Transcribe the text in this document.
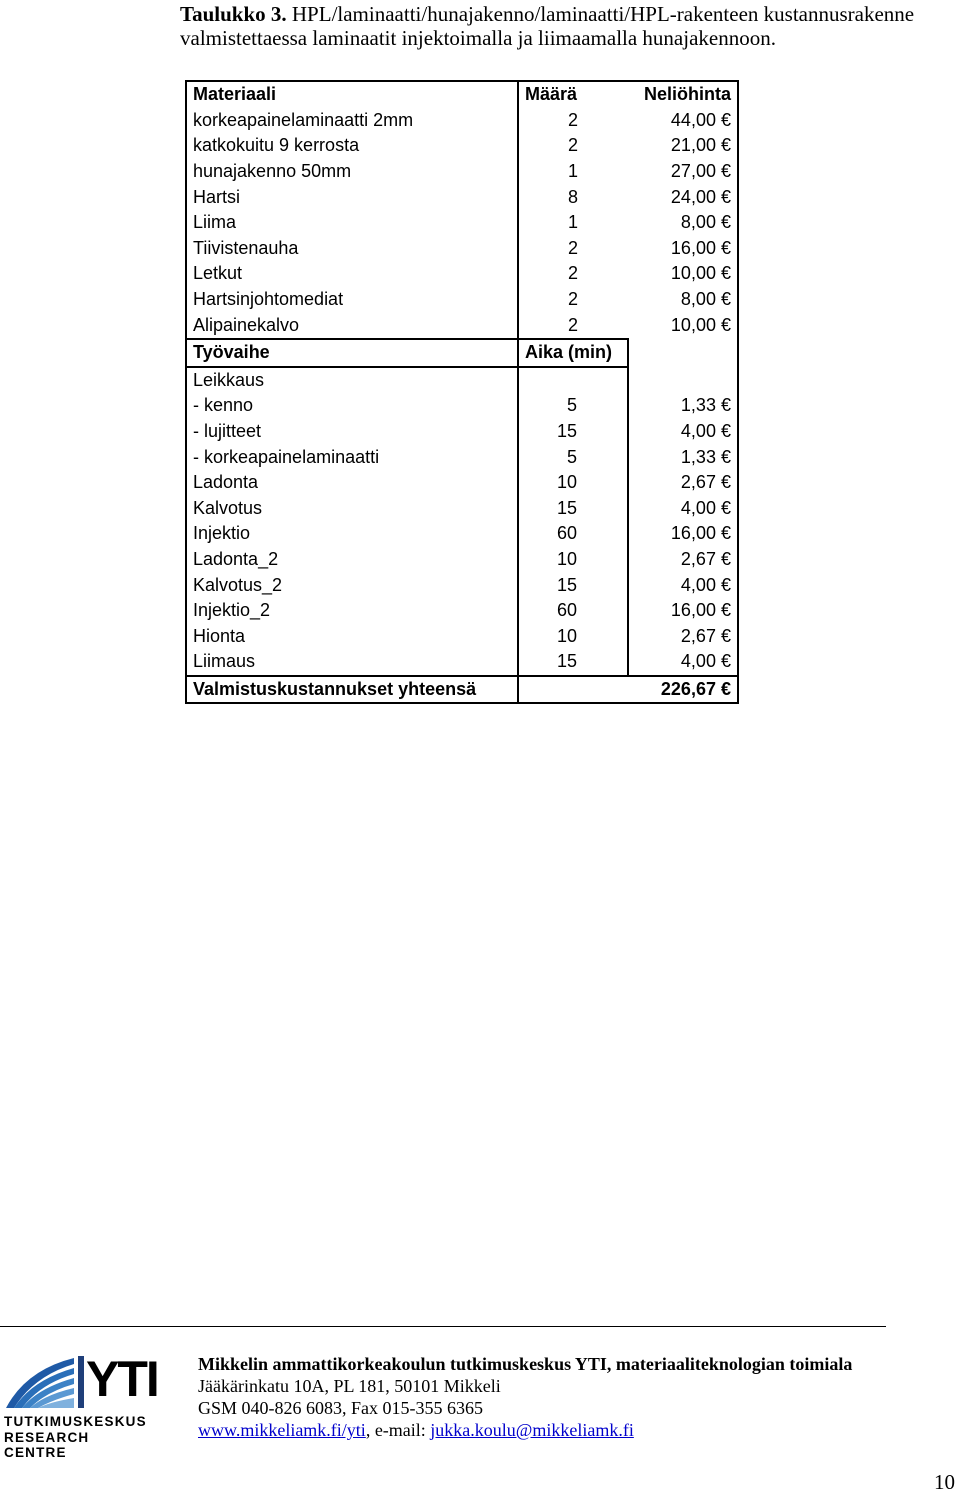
Taulukko 3. HPL/laminaatti/hunajakenno/laminaatti/HPL-rakenteen kustannusrakenne valmistettaessa laminaatit injektoimalla ja liimaamalla hunajakennoon.
Materiaali	Määrä	Neliöhinta
korkeapainelaminaatti 2mm	2	44,00 €
katkokuitu 9 kerrosta	2	21,00 €
hunajakenno 50mm	1	27,00 €
Hartsi	8	24,00 €
Liima	1	8,00 €
Tiivistenauha	2	16,00 €
Letkut	2	10,00 €
Hartsinjohtomediat	2	8,00 €
Alipainekalvo	2	10,00 €
Työvaihe	Aika (min)	
Leikkaus		
- kenno	5	1,33 €
- lujitteet	15	4,00 €
- korkeapainelaminaatti	5	1,33 €
Ladonta	10	2,67 €
Kalvotus	15	4,00 €
Injektio	60	16,00 €
Ladonta_2	10	2,67 €
Kalvotus_2	15	4,00 €
Injektio_2	60	16,00 €
Hionta	10	2,67 €
Liimaus	15	4,00 €
Valmistuskustannukset yhteensä		226,67 €
YTI
TUTKIMUSKESKUS
RESEARCH CENTRE
Mikkelin ammattikorkeakoulun tutkimuskeskus YTI, materiaaliteknologian toimiala
Jääkärinkatu 10A, PL 181, 50101 Mikkeli
GSM 040-826 6083, Fax 015-355 6365
www.mikkeliamk.fi/yti, e-mail: jukka.koulu@mikkeliamk.fi
10
